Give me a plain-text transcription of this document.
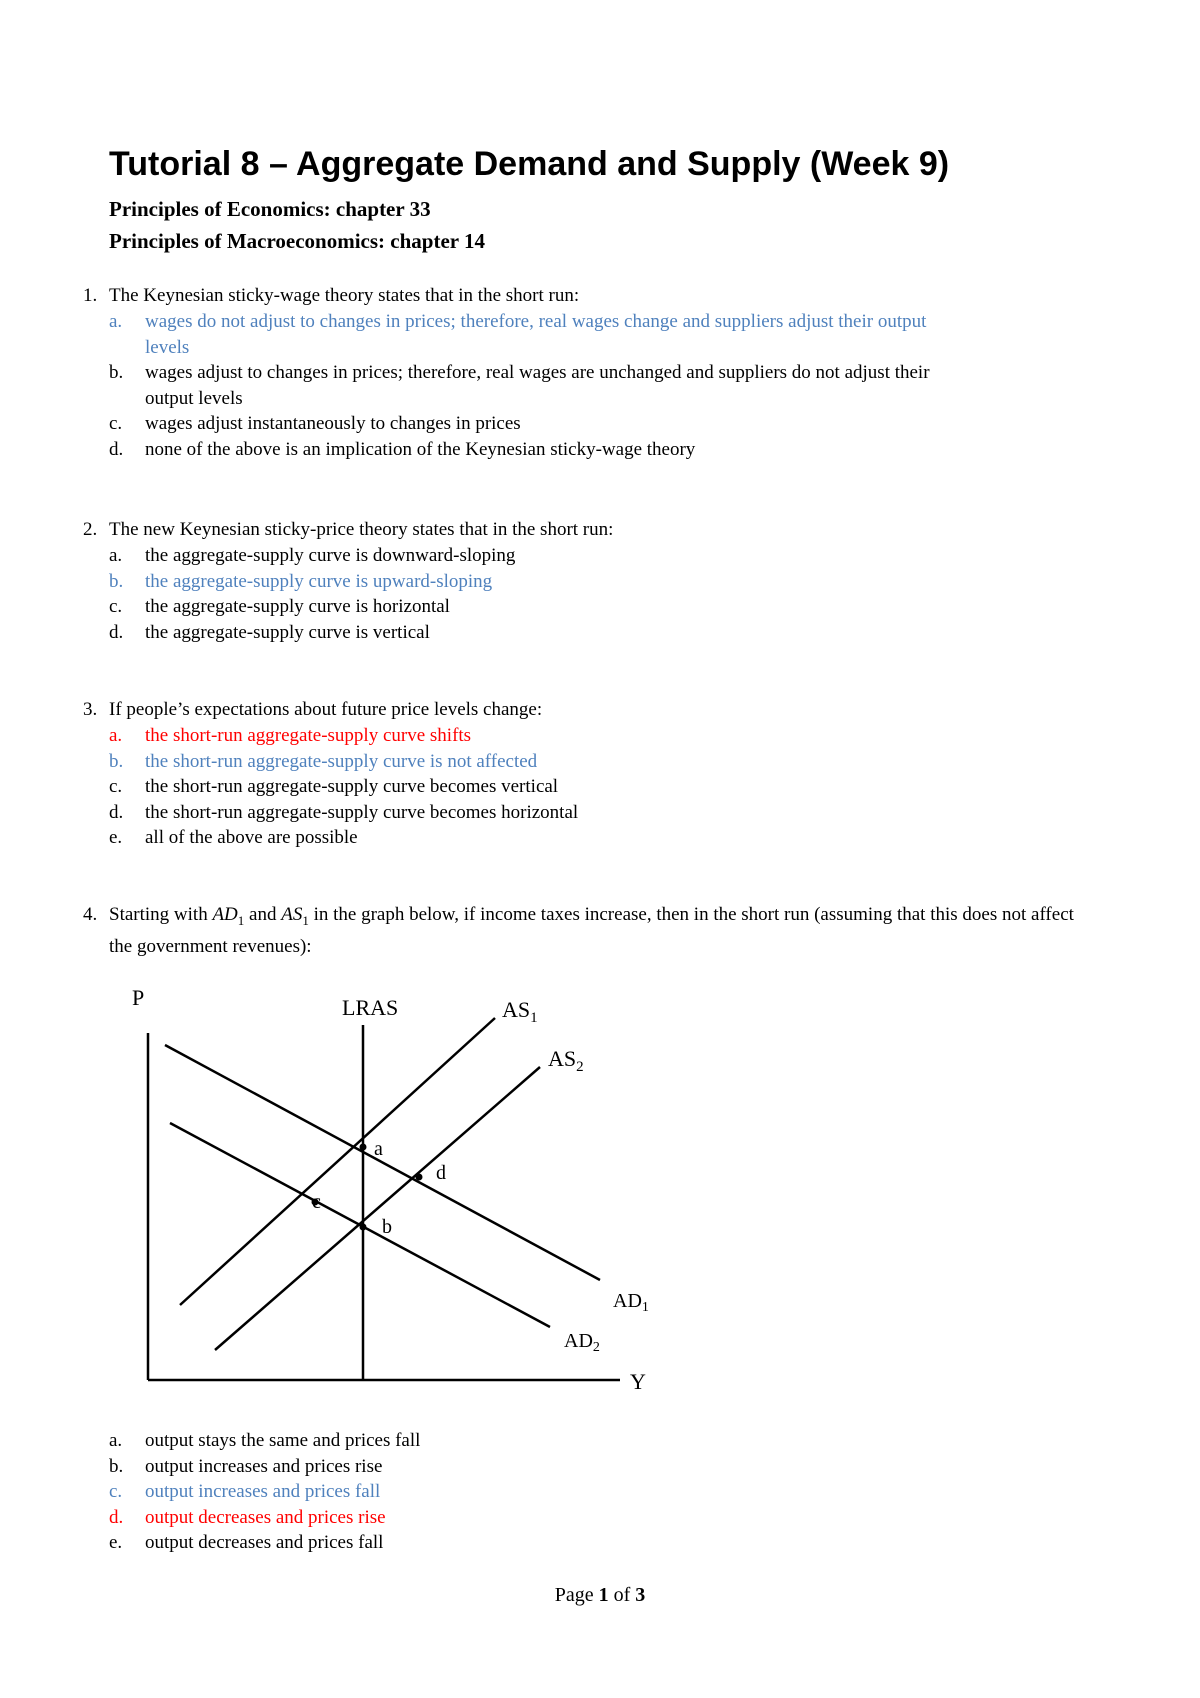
Tutorial 8 – Aggregate Demand and Supply (Week 9)

Principles of Economics: chapter 33

Principles of Macroeconomics: chapter 14

1. The Keynesian sticky-wage theory states that in the short run:
a.	wages do not adjust to changes in prices; therefore, real wages change and suppliers adjust their output levels
b.	wages adjust to changes in prices; therefore, real wages are unchanged and suppliers do not adjust their output levels
c.	wages adjust instantaneously to changes in prices
d.	none of the above is an implication of the Keynesian sticky-wage theory
2. The new Keynesian sticky-price theory states that in the short run:
a.	the aggregate-supply curve is downward-sloping
b.	the aggregate-supply curve is upward-sloping
c.	the aggregate-supply curve is horizontal
d.	the aggregate-supply curve is vertical
3. If people’s expectations about future price levels change:
a.	the short-run aggregate-supply curve shifts
b.	the short-run aggregate-supply curve is not affected
c.	the short-run aggregate-supply curve becomes vertical
d.	the short-run aggregate-supply curve becomes horizontal
e.	all of the above are possible
4. Starting with $AD_1$ and $AS_1$ in the graph below, if income taxes increase, then in the short run (assuming that this does not affect the government revenues):
P
Y
LRAS	$AS_1$
$AS_2$
$AD_1$
$AD_2$
a
b
c
d
a.	output stays the same and prices fall
b.	output increases and prices rise
c.	output increases and prices fall
d.	output decreases and prices rise
e.	output decreases and prices fall
Page 1 of 3
